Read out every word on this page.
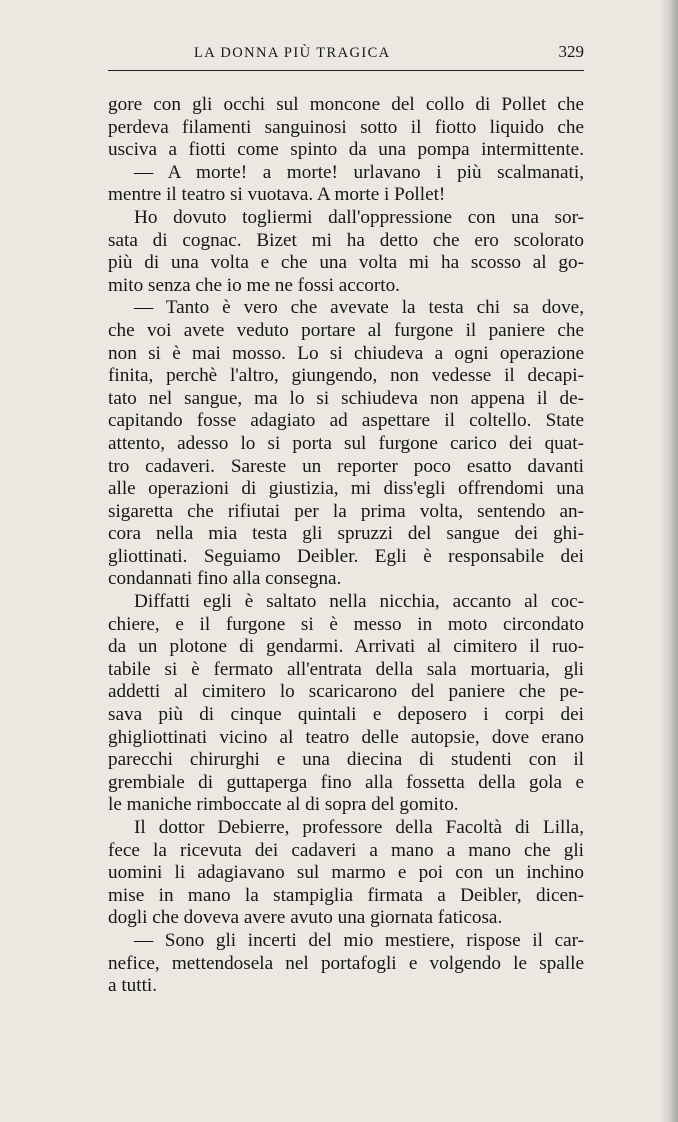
LA DONNA PIÙ TRAGICA	329
gore con gli occhi sul moncone del collo di Pollet che
perdeva filamenti sanguinosi sotto il fiotto liquido che
usciva a fiotti come spinto da una pompa intermittente.
— A morte! a morte! urlavano i più scalmanati,
mentre il teatro si vuotava. A morte i Pollet!
Ho dovuto togliermi dall'oppressione con una sor-
sata di cognac. Bizet mi ha detto che ero scolorato
più di una volta e che una volta mi ha scosso al go-
mito senza che io me ne fossi accorto.
— Tanto è vero che avevate la testa chi sa dove,
che voi avete veduto portare al furgone il paniere che
non si è mai mosso. Lo si chiudeva a ogni operazione
finita, perchè l'altro, giungendo, non vedesse il decapi-
tato nel sangue, ma lo si schiudeva non appena il de-
capitando fosse adagiato ad aspettare il coltello. State
attento, adesso lo si porta sul furgone carico dei quat-
tro cadaveri. Sareste un reporter poco esatto davanti
alle operazioni di giustizia, mi diss'egli offrendomi una
sigaretta che rifiutai per la prima volta, sentendo an-
cora nella mia testa gli spruzzi del sangue dei ghi-
gliottinati. Seguiamo Deibler. Egli è responsabile dei
condannati fino alla consegna.
Diffatti egli è saltato nella nicchia, accanto al coc-
chiere, e il furgone si è messo in moto circondato
da un plotone di gendarmi. Arrivati al cimitero il ruo-
tabile si è fermato all'entrata della sala mortuaria, gli
addetti al cimitero lo scaricarono del paniere che pe-
sava più di cinque quintali e deposero i corpi dei
ghigliottinati vicino al teatro delle autopsie, dove erano
parecchi chirurghi e una diecina di studenti con il
grembiale di guttaperga fino alla fossetta della gola e
le maniche rimboccate al di sopra del gomito.
Il dottor Debierre, professore della Facoltà di Lilla,
fece la ricevuta dei cadaveri a mano a mano che gli
uomini li adagiavano sul marmo e poi con un inchino
mise in mano la stampiglia firmata a Deibler, dicen-
dogli che doveva avere avuto una giornata faticosa.
— Sono gli incerti del mio mestiere, rispose il car-
nefice, mettendosela nel portafogli e volgendo le spalle
a tutti.
